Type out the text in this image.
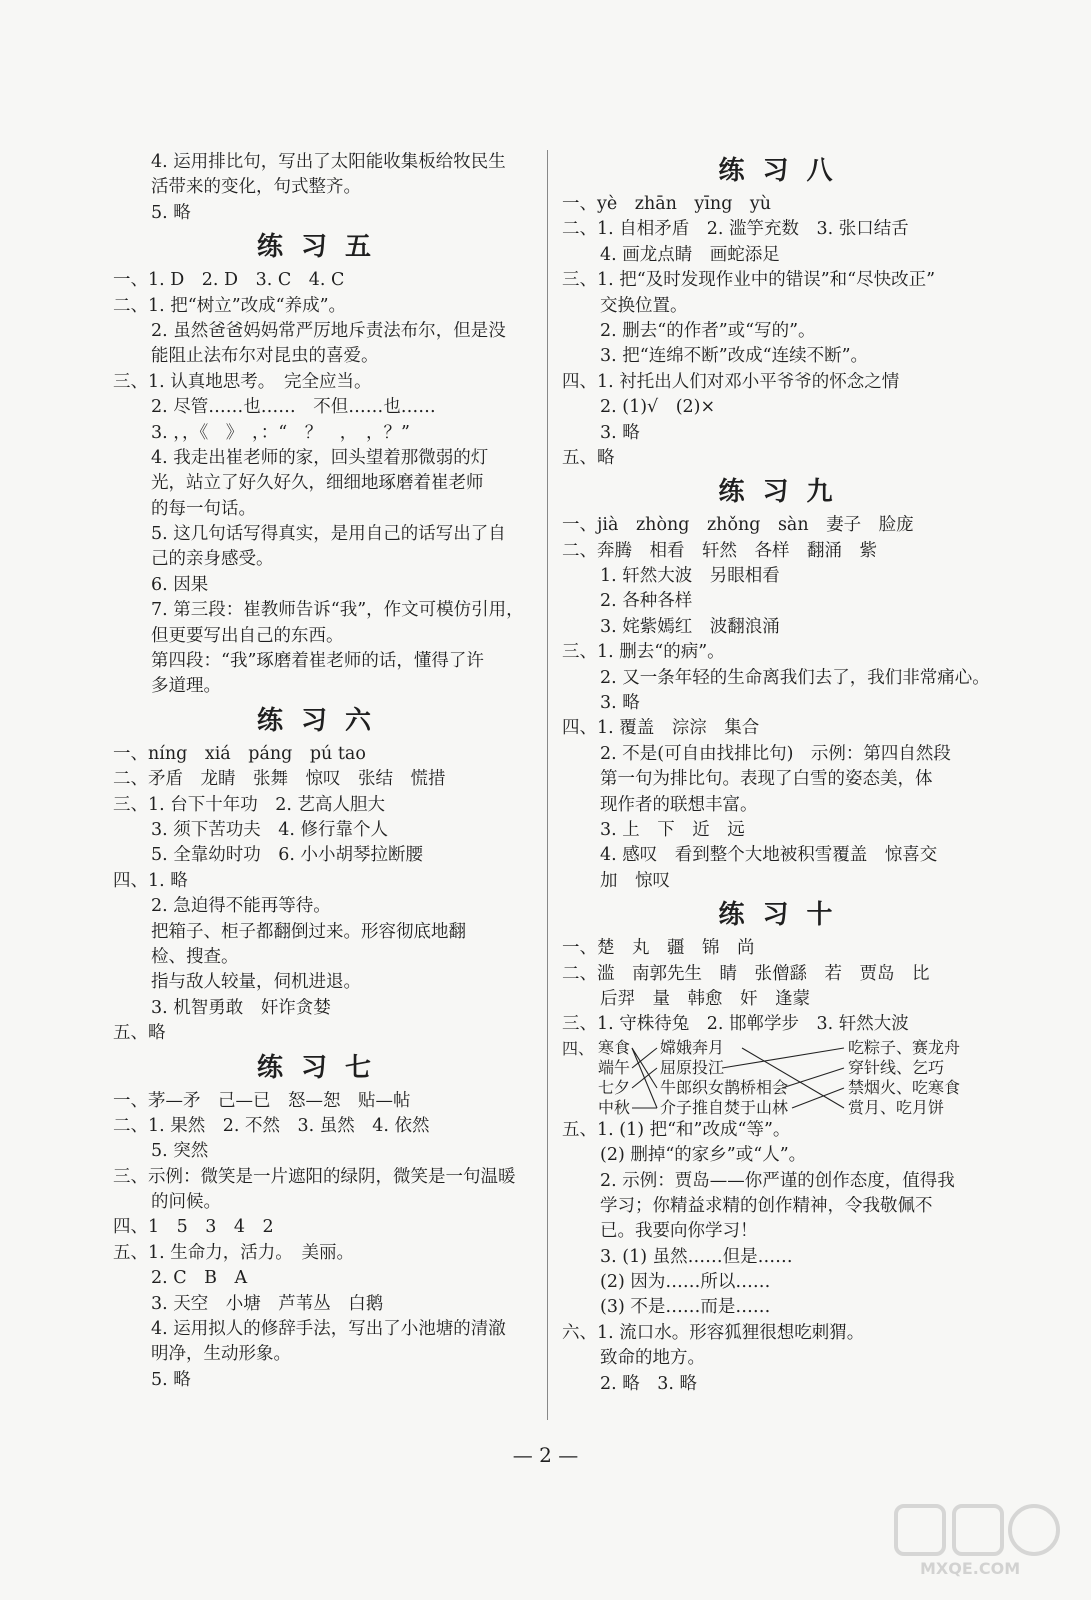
4. 运用排比句，写出了太阳能收集板给牧民生
活带来的变化，句式整齐。
5. 略
练习五
一、1. D　2. D　3. C　4. C
二、1. 把“树立”改成“养成”。
2. 虽然爸爸妈妈常严厉地斥责法布尔，但是没
能阻止法布尔对昆虫的喜爱。
三、1. 认真地思考。　完全应当。
2. 尽管……也……　不但……也……
3. ，，《　》　，：“　？　，　，？”
4. 我走出崔老师的家，回头望着那微弱的灯
光，站立了好久好久，细细地琢磨着崔老师
的每一句话。
5. 这几句话写得真实，是用自己的话写出了自
己的亲身感受。
6. 因果
7. 第三段：崔教师告诉“我”，作文可模仿引用，
但更要写出自己的东西。
第四段：“我”琢磨着崔老师的话，懂得了许
多道理。
练习六
一、níng　xiá　páng　pú tao
二、矛盾　龙睛　张舞　惊叹　张结　慌措
三、1. 台下十年功　2. 艺高人胆大
3. 须下苦功夫　4. 修行靠个人
5. 全靠幼时功　6. 小小胡琴拉断腰
四、1. 略
2. 急迫得不能再等待。
把箱子、柜子都翻倒过来。形容彻底地翻
检、搜查。
指与敌人较量，伺机进退。
3. 机智勇敢　奸诈贪婪
五、略
练习七
一、茅—矛　己—已　怒—恕　贴—帖
二、1. 果然　2. 不然　3. 虽然　4. 依然
5. 突然
三、示例：微笑是一片遮阳的绿阴，微笑是一句温暖
的问候。
四、1　5　3　4　2
五、1. 生命力，活力。　美丽。
2. C　B　A
3. 天空　小塘　芦苇丛　白鹅
4. 运用拟人的修辞手法，写出了小池塘的清澈
明净，生动形象。
5. 略
练习八
一、yè　zhān　yīng　yù
二、1. 自相矛盾　2. 滥竽充数　3. 张口结舌
4. 画龙点睛　画蛇添足
三、1. 把“及时发现作业中的错误”和“尽快改正”
交换位置。
2. 删去“的作者”或“写的”。
3. 把“连绵不断”改成“连续不断”。
四、1. 衬托出人们对邓小平爷爷的怀念之情
2. (1)√　(2)×
3. 略
五、略
练习九
一、jià　zhòng　zhǒng　sàn　妻子　脸庞
二、奔腾　相看　轩然　各样　翻涌　紫
1. 轩然大波　另眼相看
2. 各种各样
3. 姹紫嫣红　波翻浪涌
三、1. 删去“的病”。
2. 又一条年轻的生命离我们去了，我们非常痛心。
3. 略
四、1. 覆盖　淙淙　集合
2. 不是(可自由找排比句)　示例：第四自然段
第一句为排比句。表现了白雪的姿态美，体
现作者的联想丰富。
3. 上　下　近　远
4. 感叹　看到整个大地被积雪覆盖　惊喜交
加　惊叹
练习十
一、楚　丸　疆　锦　尚
二、滥　南郭先生　睛　张僧繇　若　贾岛　比
后羿　量　韩愈　奸　逢蒙
三、1. 守株待兔　2. 邯郸学步　3. 轩然大波
四、 寒食
端午
七夕
中秋
嫦娥奔月
屈原投江
牛郎织女鹊桥相会
介子推自焚于山林
吃粽子、赛龙舟
穿针线、乞巧
禁烟火、吃寒食
赏月、吃月饼
五、1. (1) 把“和”改成“等”。
(2) 删掉“的家乡”或“人”。
2. 示例：贾岛——你严谨的创作态度，值得我
学习；你精益求精的创作精神，令我敬佩不
已。我要向你学习！
3. (1) 虽然……但是……
(2) 因为……所以……
(3) 不是……而是……
六、1. 流口水。形容狐狸很想吃刺猬。
致命的地方。
2. 略　3. 略
— 2 —
MXQE.COM
